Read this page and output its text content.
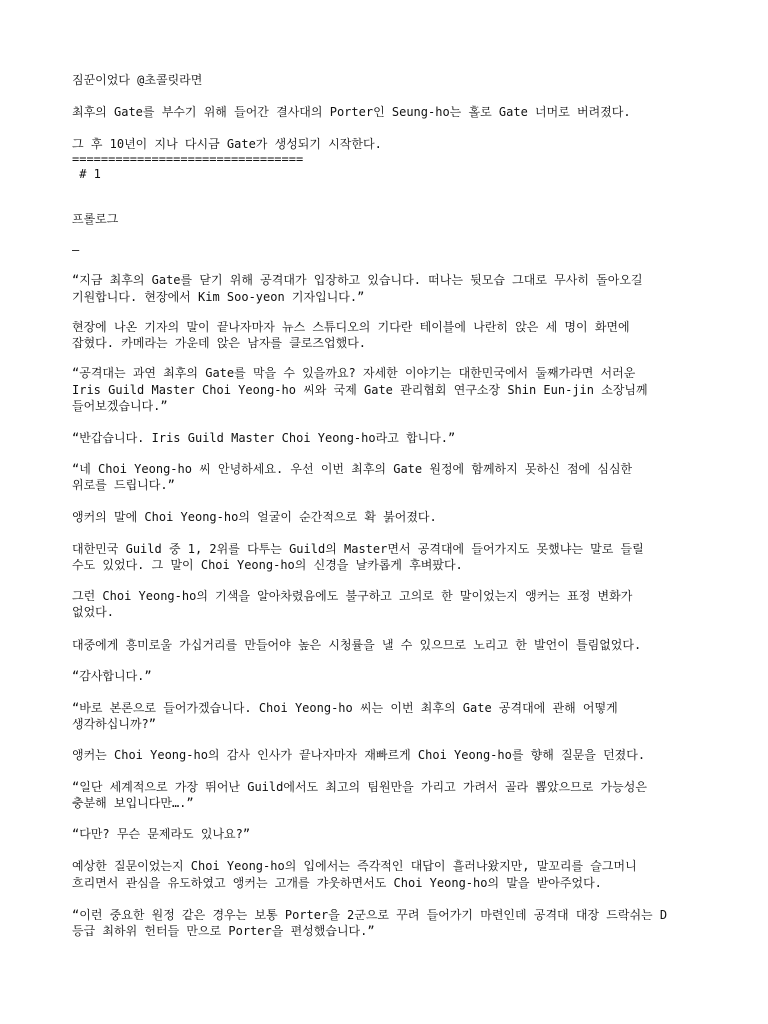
짐꾼이었다 @초콜릿라면

최후의 Gate를 부수기 위해 들어간 결사대의 Porter인 Seung-ho는 홀로 Gate 너머로 버려졌다.

그 후 10년이 지나 다시금 Gate가 생성되기 시작한다.

================================

# 1

프롤로그

—

“지금 최후의 Gate를 닫기 위해 공격대가 입장하고 있습니다. 떠나는 뒷모습 그대로 무사히 돌아오길

기원합니다. 현장에서 Kim Soo-yeon 기자입니다.”

현장에 나온 기자의 말이 끝나자마자 뉴스 스튜디오의 기다란 테이블에 나란히 앉은 세 명이 화면에

잡혔다. 카메라는 가운데 앉은 남자를 클로즈업했다.

“공격대는 과연 최후의 Gate를 막을 수 있을까요? 자세한 이야기는 대한민국에서 둘째가라면 서러운

Iris Guild Master Choi Yeong-ho 씨와 국제 Gate 관리협회 연구소장 Shin Eun-jin 소장님께

들어보겠습니다.”

“반갑습니다. Iris Guild Master Choi Yeong-ho라고 합니다.”

“네 Choi Yeong-ho 씨 안녕하세요. 우선 이번 최후의 Gate 원정에 함께하지 못하신 점에 심심한

위로를 드립니다.”

앵커의 말에 Choi Yeong-ho의 얼굴이 순간적으로 확 붉어졌다.

대한민국 Guild 중 1, 2위를 다투는 Guild의 Master면서 공격대에 들어가지도 못했냐는 말로 들릴

수도 있었다. 그 말이 Choi Yeong-ho의 신경을 날카롭게 후벼팠다.

그런 Choi Yeong-ho의 기색을 알아차렸음에도 불구하고 고의로 한 말이었는지 앵커는 표정 변화가

없었다.

대중에게 흥미로울 가십거리를 만들어야 높은 시청률을 낼 수 있으므로 노리고 한 발언이 틀림없었다.

“감사합니다.”

“바로 본론으로 들어가겠습니다. Choi Yeong-ho 씨는 이번 최후의 Gate 공격대에 관해 어떻게

생각하십니까?”

앵커는 Choi Yeong-ho의 감사 인사가 끝나자마자 재빠르게 Choi Yeong-ho를 향해 질문을 던졌다.

“일단 세계적으로 가장 뛰어난 Guild에서도 최고의 팀원만을 가리고 가려서 골라 뽑았으므로 가능성은

충분해 보입니다만….”

“다만? 무슨 문제라도 있나요?”

예상한 질문이었는지 Choi Yeong-ho의 입에서는 즉각적인 대답이 흘러나왔지만, 말꼬리를 슬그머니

흐리면서 관심을 유도하였고 앵커는 고개를 갸웃하면서도 Choi Yeong-ho의 말을 받아주었다.

“이런 중요한 원정 같은 경우는 보통 Porter을 2군으로 꾸려 들어가기 마련인데 공격대 대장 드락쉬는 D

등급 최하위 헌터들 만으로 Porter을 편성했습니다.”
